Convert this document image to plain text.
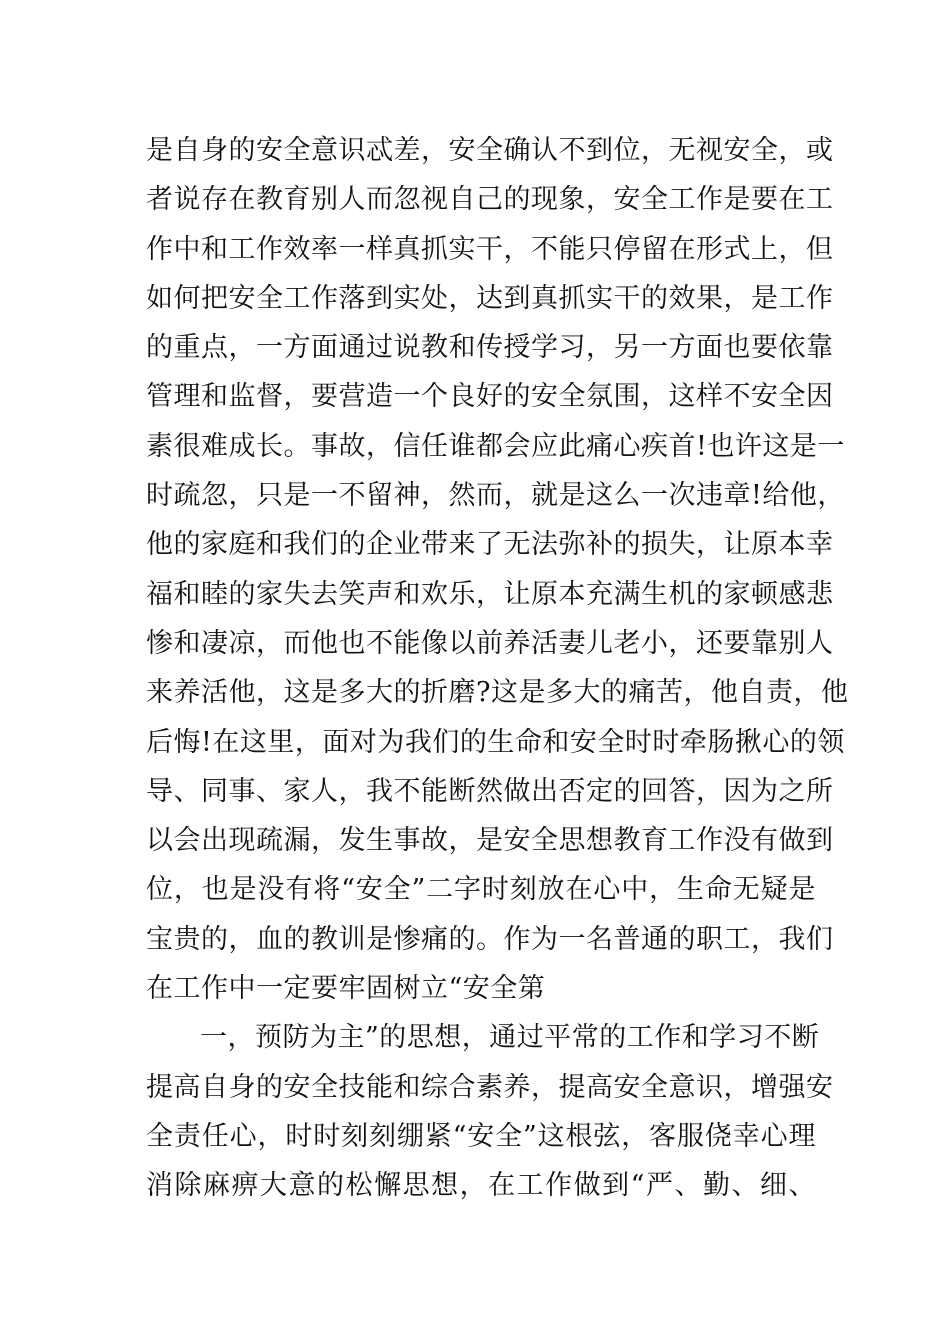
是自身的安全意识忒差，安全确认不到位，无视安全，或
者说存在教育别人而忽视自己的现象，安全工作是要在工
作中和工作效率一样真抓实干，不能只停留在形式上，但
如何把安全工作落到实处，达到真抓实干的效果，是工作
的重点，一方面通过说教和传授学习，另一方面也要依靠
管理和监督，要营造一个良好的安全氛围，这样不安全因
素很难成长。事故，信任谁都会应此痛心疾首!也许这是一
时疏忽，只是一不留神，然而，就是这么一次违章!给他，
他的家庭和我们的企业带来了无法弥补的损失，让原本幸
福和睦的家失去笑声和欢乐，让原本充满生机的家顿感悲
惨和凄凉，而他也不能像以前养活妻儿老小，还要靠别人
来养活他，这是多大的折磨?这是多大的痛苦，他自责，他
后悔!在这里，面对为我们的生命和安全时时牵肠揪心的领
导、同事、家人，我不能断然做出否定的回答，因为之所
以会出现疏漏，发生事故，是安全思想教育工作没有做到
位，也是没有将“安全”二字时刻放在心中，生命无疑是
宝贵的，血的教训是惨痛的。作为一名普通的职工，我们
在工作中一定要牢固树立“安全第
一，预防为主”的思想，通过平常的工作和学习不断
提高自身的安全技能和综合素养，提高安全意识，增强安
全责任心，时时刻刻绷紧“安全”这根弦，客服侥幸心理
消除麻痹大意的松懈思想，在工作做到“严、勤、细、
